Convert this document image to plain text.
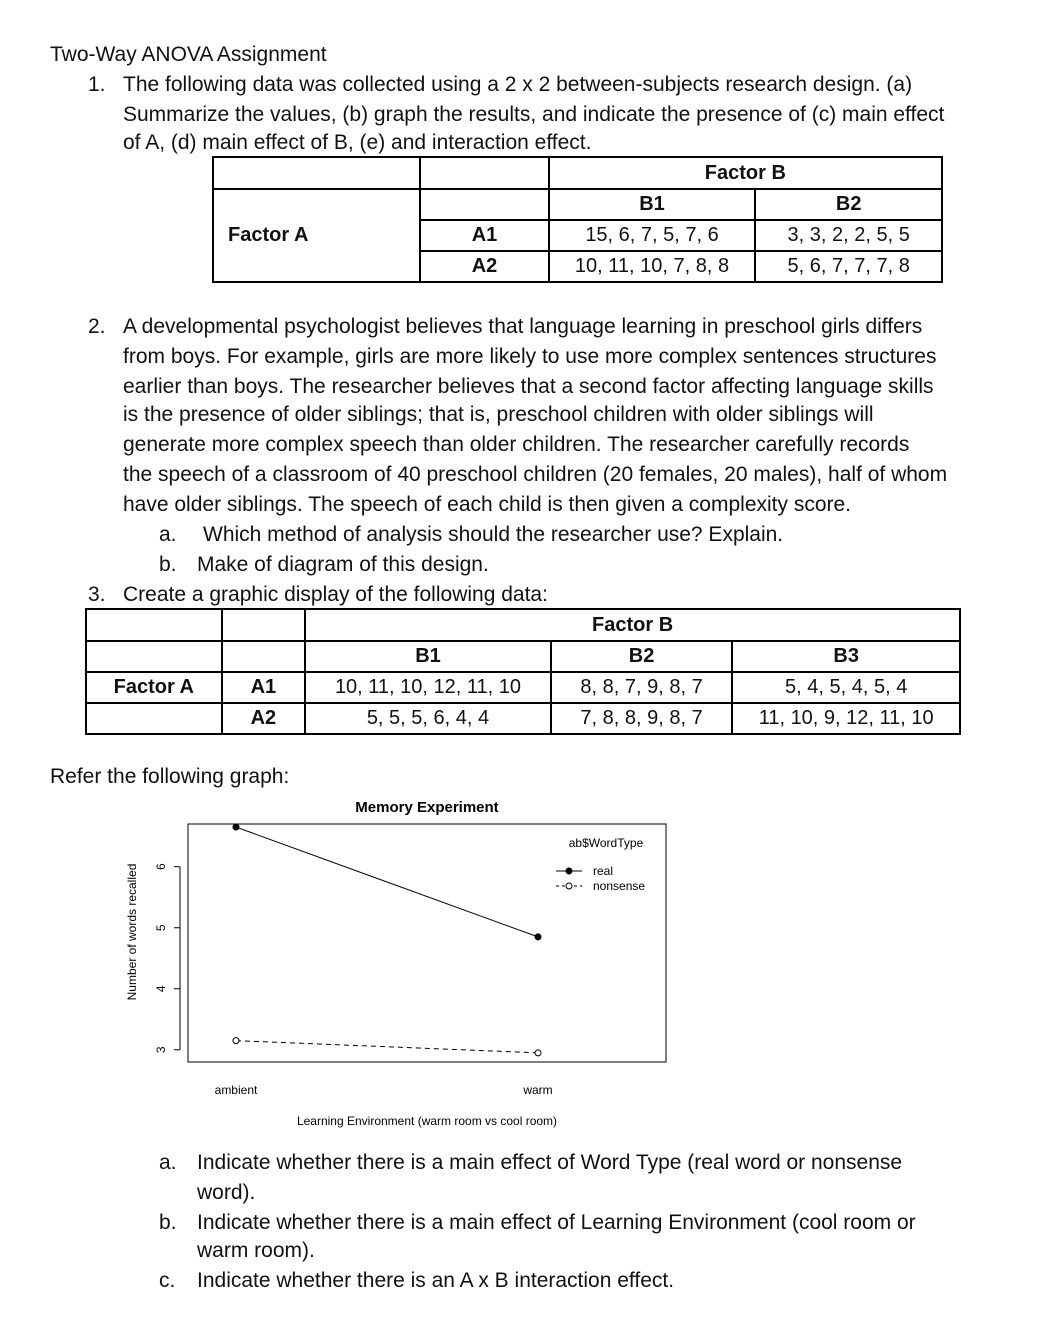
Two-Way ANOVA Assignment
1. The following data was collected using a 2 x 2 between-subjects research design. (a)
Summarize the values, (b) graph the results, and indicate the presence of (c) main effect
of A, (d) main effect of B, (e) and interaction effect.
		Factor B	
Factor A		B1	B2
	A1	15, 6, 7, 5, 7, 6	3, 3, 2, 2, 5, 5
	A2	10, 11, 10, 7, 8, 8	5, 6, 7, 7, 7, 8
2. A developmental psychologist believes that language learning in preschool girls differs
from boys. For example, girls are more likely to use more complex sentences structures
earlier than boys. The researcher believes that a second factor affecting language skills
is the presence of older siblings; that is, preschool children with older siblings will
generate more complex speech than older children. The researcher carefully records
the speech of a classroom of 40 preschool children (20 females, 20 males), half of whom
have older siblings. The speech of each child is then given a complexity score.
a. Which method of analysis should the researcher use? Explain.
b. Make of diagram of this design.
3. Create a graphic display of the following data:
		Factor B		
		B1	B2	B3
Factor A	A1	10, 11, 10, 12, 11, 10	8, 8, 7, 9, 8, 7	5, 4, 5, 4, 5, 4
	A2	5, 5, 5, 6, 4, 4	7, 8, 8, 9, 8, 7	11, 10, 9, 12, 11, 10
Refer the following graph:
Memory Experiment
Number of words recalled
Learning Environment (warm room vs cool room)
3
4
5
6
ambient	warm
ab$WordType
real
nonsense
a. Indicate whether there is a main effect of Word Type (real word or nonsense
word).
b. Indicate whether there is a main effect of Learning Environment (cool room or
warm room).
c. Indicate whether there is an A x B interaction effect.
